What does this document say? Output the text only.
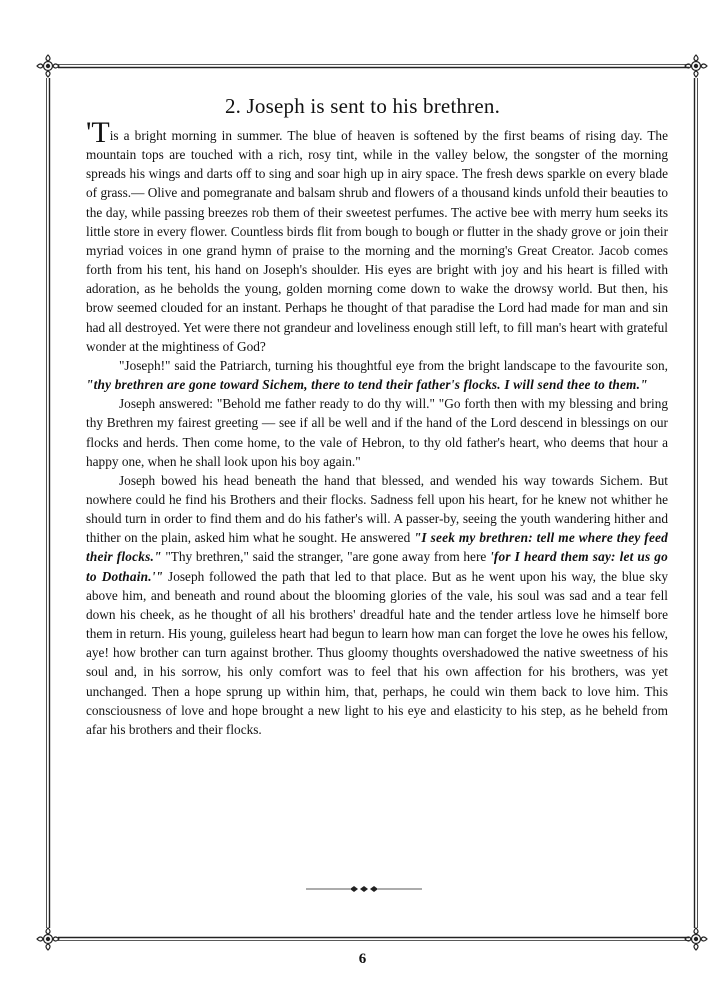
2. Joseph is sent to his brethren.

'Tis a bright morning in summer. The blue of heaven is softened by the first beams of rising day. The mountain tops are touched with a rich, rosy tint, while in the valley below, the songster of the morning spreads his wings and darts off to sing and soar high up in airy space. The fresh dews sparkle on every blade of grass.— Olive and pomegranate and balsam shrub and flowers of a thousand kinds unfold their beauties to the day, while passing breezes rob them of their sweetest perfumes. The active bee with merry hum seeks its little store in every flower. Countless birds flit from bough to bough or flutter in the shady grove or join their myriad voices in one grand hymn of praise to the morning and the morning's Great Creator. Jacob comes forth from his tent, his hand on Joseph's shoulder. His eyes are bright with joy and his heart is filled with adoration, as he beholds the young, golden morning come down to wake the drowsy world. But then, his brow seemed clouded for an instant. Perhaps he thought of that paradise the Lord had made for man and sin had all destroyed. Yet were there not grandeur and loveliness enough still left, to fill man's heart with grateful wonder at the mightiness of God?

"Joseph!" said the Patriarch, turning his thoughtful eye from the bright landscape to the favourite son, "thy brethren are gone toward Sichem, there to tend their father's flocks. I will send thee to them."

Joseph answered: "Behold me father ready to do thy will." "Go forth then with my blessing and bring thy Brethren my fairest greeting — see if all be well and if the hand of the Lord descend in blessings on our flocks and herds. Then come home, to the vale of Hebron, to thy old father's heart, who deems that hour a happy one, when he shall look upon his boy again."

Joseph bowed his head beneath the hand that blessed, and wended his way towards Sichem. But nowhere could he find his Brothers and their flocks. Sadness fell upon his heart, for he knew not whither he should turn in order to find them and do his father's will. A passer-by, seeing the youth wandering hither and thither on the plain, asked him what he sought. He answered "I seek my brethren: tell me where they feed their flocks." "Thy brethren," said the stranger, "are gone away from here 'for I heard them say: let us go to Dothain.'" Joseph followed the path that led to that place. But as he went upon his way, the blue sky above him, and beneath and round about the blooming glories of the vale, his soul was sad and a tear fell down his cheek, as he thought of all his brothers' dreadful hate and the tender artless love he himself bore them in return. His young, guileless heart had begun to learn how man can forget the love he owes his fellow, aye! how brother can turn against brother. Thus gloomy thoughts overshadowed the native sweetness of his soul and, in his sorrow, his only comfort was to feel that his own affection for his brothers, was yet unchanged. Then a hope sprung up within him, that, perhaps, he could win them back to love him. This consciousness of love and hope brought a new light to his eye and elasticity to his step, as he beheld from afar his brothers and their flocks.

6
